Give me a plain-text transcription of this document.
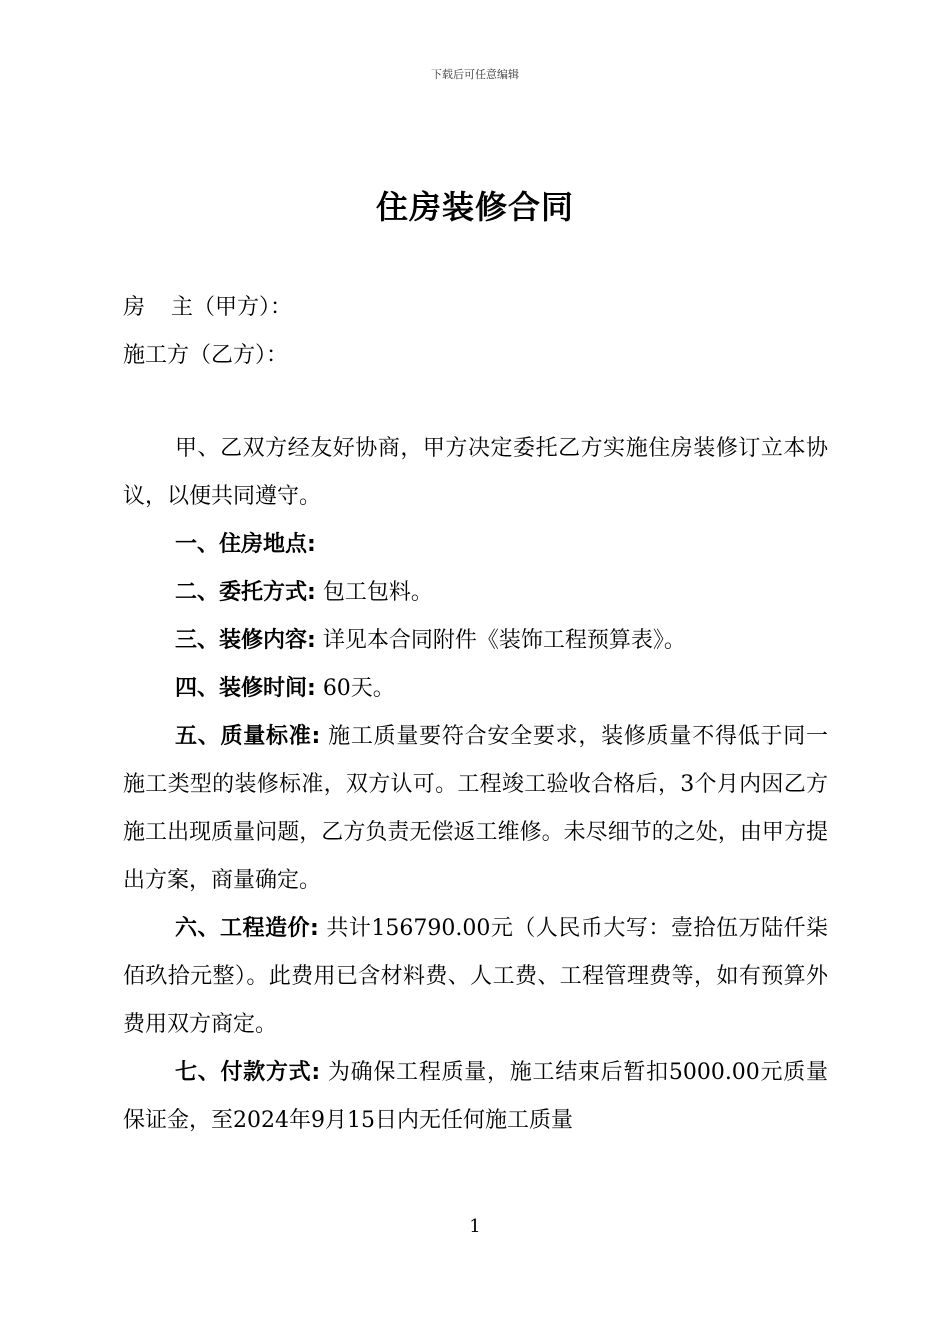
下载后可任意编辑
住房装修合同
房 主（甲方）：
施工方（乙方）：

甲、乙双方经友好协商，甲方决定委托乙方实施住房装修订立本协议，以便共同遵守。

一、住房地点:

二、委托方式: 包工包料。

三、装修内容: 详见本合同附件《装饰工程预算表》。

四、装修时间: 60天。

五、质量标准: 施工质量要符合安全要求，装修质量不得低于同一施工类型的装修标准，双方认可。工程竣工验收合格后，3个月内因乙方施工出现质量问题，乙方负责无偿返工维修。未尽细节的之处，由甲方提出方案，商量确定。

六、工程造价: 共计156790.00元（人民币大写：壹拾伍万陆仟柒佰玖拾元整）。此费用已含材料费、人工费、工程管理费等，如有预算外费用双方商定。

七、付款方式: 为确保工程质量，施工结束后暂扣5000.00元质量保证金，至2024年9月15日内无任何施工质量

1
